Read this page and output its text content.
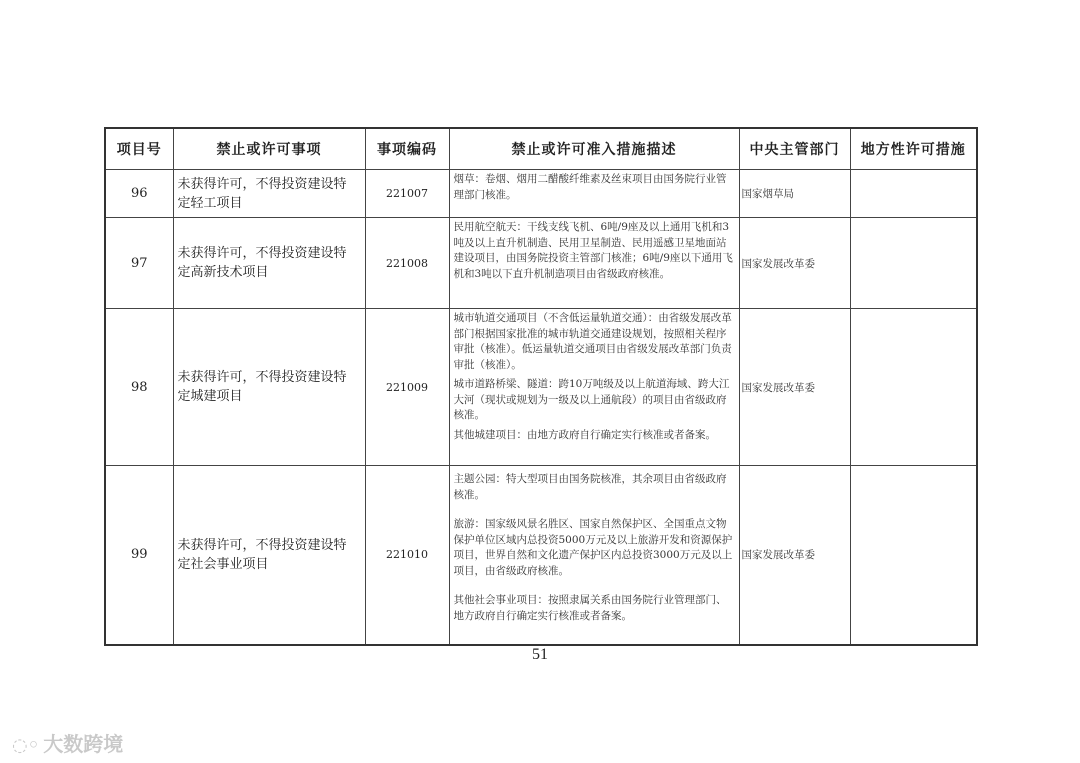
项目号	禁止或许可事项	事项编码	禁止或许可准入措施描述	中央主管部门	地方性许可措施
96	未获得许可，不得投资建设特定轻工项目	221007	烟草：卷烟、烟用二醋酸纤维素及丝束项目由国务院行业管理部门核准。	国家烟草局	
97	未获得许可，不得投资建设特定高新技术项目	221008	民用航空航天：干线支线飞机、6吨/9座及以上通用飞机和3吨及以上直升机制造、民用卫星制造、民用遥感卫星地面站建设项目，由国务院投资主管部门核准；6吨/9座以下通用飞机和3吨以下直升机制造项目由省级政府核准。	国家发展改革委	
98	未获得许可，不得投资建设特定城建项目	221009	城市轨道交通项目（不含低运量轨道交通）：由省级发展改革部门根据国家批准的城市轨道交通建设规划，按照相关程序审批（核准）。低运量轨道交通项目由省级发展改革部门负责审批（核准）。

城市道路桥梁、隧道：跨10万吨级及以上航道海域、跨大江大河（现状或规划为一级及以上通航段）的项目由省级政府核准。

其他城建项目：由地方政府自行确定实行核准或者备案。	国家发展改革委	
99	未获得许可，不得投资建设特定社会事业项目	221010	主题公园：特大型项目由国务院核准，其余项目由省级政府核准。

旅游：国家级风景名胜区、国家自然保护区、全国重点文物保护单位区域内总投资5000万元及以上旅游开发和资源保护项目，世界自然和文化遗产保护区内总投资3000万元及以上项目，由省级政府核准。

其他社会事业项目：按照隶属关系由国务院行业管理部门、地方政府自行确定实行核准或者备案。	国家发展改革委	
51
◌◦ 大数跨境
